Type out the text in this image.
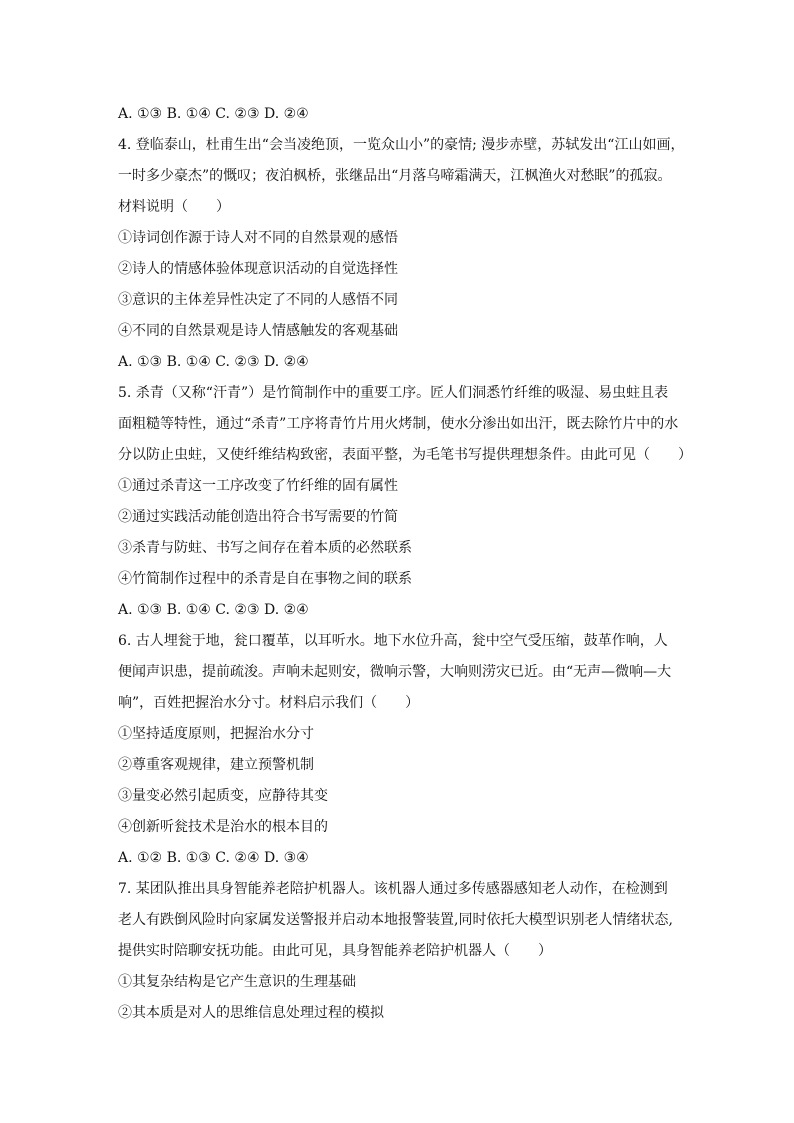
A. ①③ B. ①④ C. ②③ D. ②④
4. 登临泰山，杜甫生出“会当凌绝顶，一览众山小”的豪情; 漫步赤壁，苏轼发出“江山如画，
一时多少豪杰”的慨叹；夜泊枫桥，张继品出“月落乌啼霜满天，江枫渔火对愁眠”的孤寂。
材料说明（　　）
①诗词创作源于诗人对不同的自然景观的感悟
②诗人的情感体验体现意识活动的自觉选择性
③意识的主体差异性决定了不同的人感悟不同
④不同的自然景观是诗人情感触发的客观基础
A. ①③ B. ①④ C. ②③ D. ②④
5. 杀青（又称“汗青”）是竹简制作中的重要工序。匠人们洞悉竹纤维的吸湿、易虫蛀且表
面粗糙等特性，通过“杀青”工序将青竹片用火烤制，使水分渗出如出汗，既去除竹片中的水
分以防止虫蛀，又使纤维结构致密，表面平整，为毛笔书写提供理想条件。由此可见（　　）
①通过杀青这一工序改变了竹纤维的固有属性
②通过实践活动能创造出符合书写需要的竹简
③杀青与防蛀、书写之间存在着本质的必然联系
④竹简制作过程中的杀青是自在事物之间的联系
A. ①③ B. ①④ C. ②③ D. ②④
6. 古人埋瓮于地，瓮口覆革，以耳听水。地下水位升高，瓮中空气受压缩，鼓革作响，人
便闻声识患，提前疏浚。声响未起则安，微响示警，大响则涝灾已近。由“无声—微响—大
响”，百姓把握治水分寸。材料启示我们（　　）
①坚持适度原则，把握治水分寸
②尊重客观规律，建立预警机制
③量变必然引起质变，应静待其变
④创新听瓮技术是治水的根本目的
A. ①② B. ①③ C. ②④ D. ③④
7. 某团队推出具身智能养老陪护机器人。该机器人通过多传感器感知老人动作，在检测到
老人有跌倒风险时向家属发送警报并启动本地报警装置,同时依托大模型识别老人情绪状态,
提供实时陪聊安抚功能。由此可见，具身智能养老陪护机器人（　　）
①其复杂结构是它产生意识的生理基础
②其本质是对人的思维信息处理过程的模拟
